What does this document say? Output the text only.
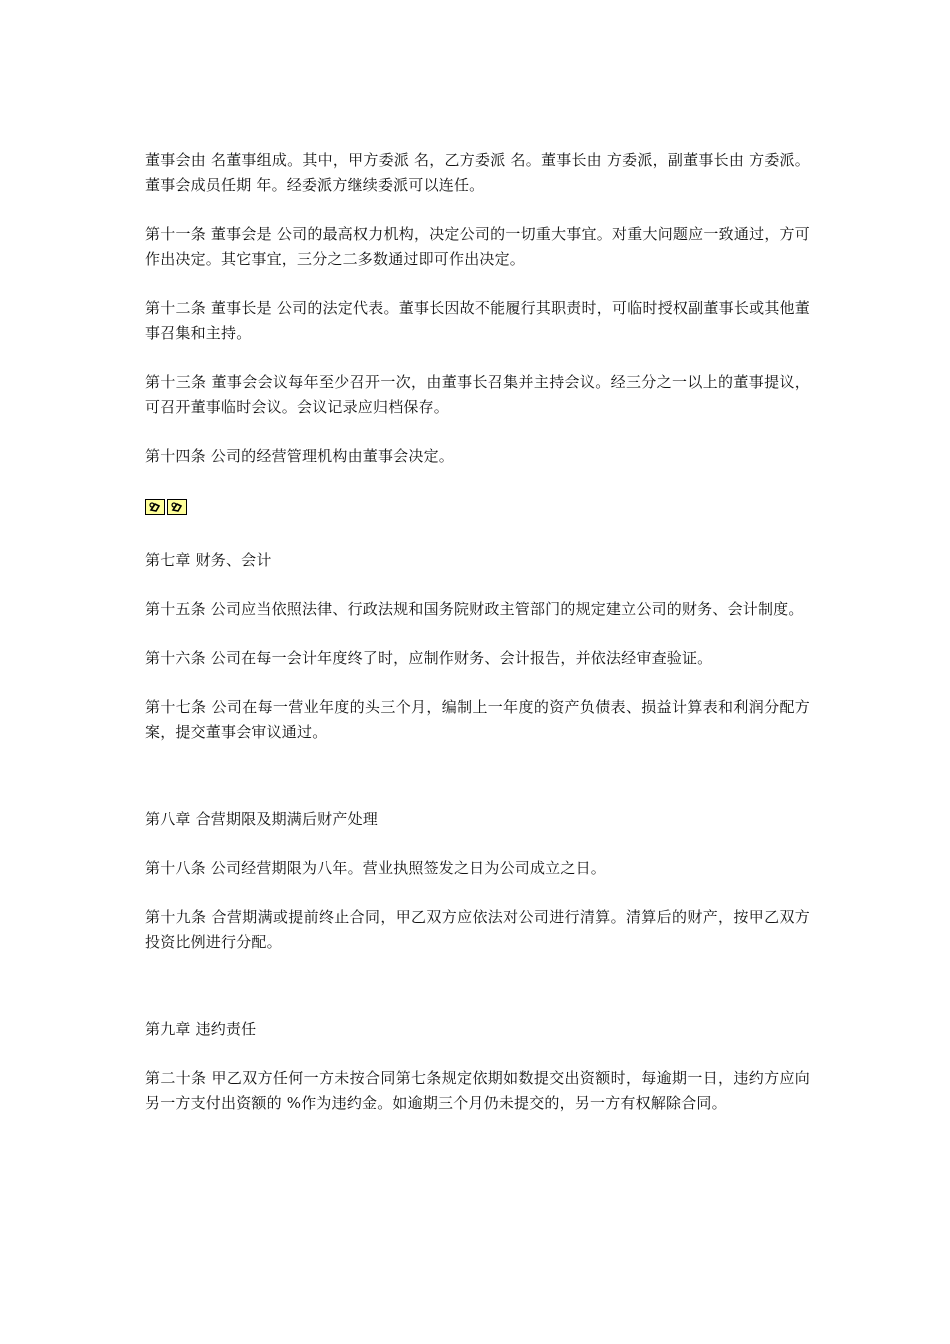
董事会由 名董事组成。其中，甲方委派 名，乙方委派 名。董事长由 方委派，副董事长由 方委派。董事会成员任期 年。经委派方继续委派可以连任。

第十一条 董事会是 公司的最高权力机构，决定公司的一切重大事宜。对重大问题应一致通过，方可作出决定。其它事宜，三分之二多数通过即可作出决定。

第十二条 董事长是 公司的法定代表。董事长因故不能履行其职责时，可临时授权副董事长或其他董事召集和主持。

第十三条 董事会会议每年至少召开一次，由董事长召集并主持会议。经三分之一以上的董事提议，可召开董事临时会议。会议记录应归档保存。

第十四条 公司的经营管理机构由董事会决定。

第七章 财务、会计

第十五条 公司应当依照法律、行政法规和国务院财政主管部门的规定建立公司的财务、会计制度。

第十六条 公司在每一会计年度终了时，应制作财务、会计报告，并依法经审查验证。

第十七条 公司在每一营业年度的头三个月，编制上一年度的资产负债表、损益计算表和利润分配方案，提交董事会审议通过。

第八章 合营期限及期满后财产处理

第十八条 公司经营期限为八年。营业执照签发之日为公司成立之日。

第十九条 合营期满或提前终止合同，甲乙双方应依法对公司进行清算。清算后的财产，按甲乙双方投资比例进行分配。

第九章 违约责任

第二十条 甲乙双方任何一方未按合同第七条规定依期如数提交出资额时，每逾期一日，违约方应向另一方支付出资额的 %作为违约金。如逾期三个月仍未提交的，另一方有权解除合同。
